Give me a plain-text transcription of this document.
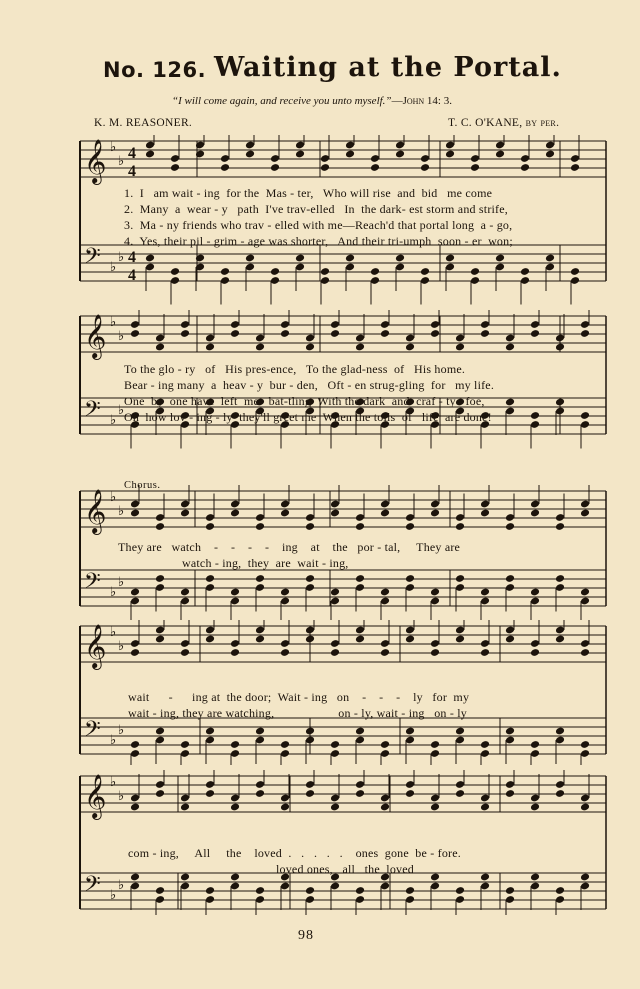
No. 126. Waiting at the Portal.
“I will come again, and receive you unto myself.”—John 14: 3.
K. M. REASONER.	T. C. O'KANE, by per.
𝄞 ♭
♭ 4
4
𝄢 ♭
♭ 4
4
1.  I   am wait - ing  for the  Mas - ter,   Who will rise  and  bid   me come
2.  Many  a  wear - y   path  I've trav-elled   In  the dark- est storm and strife,
3.  Ma - ny friends who trav - elled with me—Reach'd that portal long  a - go,
4.  Yes, their pil - grim - age was shorter,   And their tri-umph  soon - er  won;
𝄞 ♭
♭
𝄢 ♭
♭
To the glo - ry   of   His pres-ence,   To the glad-ness  of   His home.
Bear - ing many  a  heav - y  bur - den,   Oft - en strug-gling  for   my life.
One  by  one have  left  me   bat-tling  With the dark  and  craf - ty   foe,
Oh  how lov - ing - ly  they'll greet me  When the toils  of   life  are done!
Chorus.
𝄞 ♭
♭
𝄢 ♭
♭
They are   watch    -    -    -    -    ing    at    the   por - tal,     They are
watch - ing,  they  are  wait - ing,
𝄞 ♭
♭
𝄢 ♭
♭
wait      -      ing at  the door;  Wait - ing   on    -    -    -    ly   for  my
wait - ing, they are watching,                    on - ly, wait - ing   on - ly
𝄞 ♭
♭
𝄢 ♭
♭
com - ing,     All     the    loved  .   .   .   .   .    ones  gone  be - fore.
loved ones,   all   the  loved
98
